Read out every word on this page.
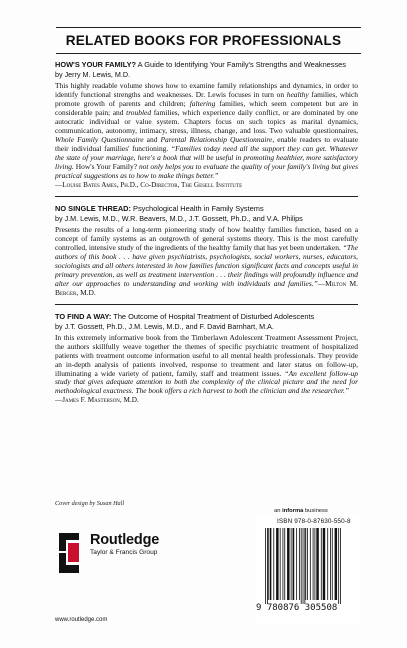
RELATED BOOKS FOR PROFESSIONALS

HOW'S YOUR FAMILY? A Guide to Identifying Your Family's Strengths and Weaknesses

by Jerry M. Lewis, M.D.

This highly readable volume shows how to examine family relationships and dynamics, in order to identify functional strengths and weaknesses. Dr. Lewis focuses in turn on healthy families, which promote growth of parents and children; faltering families, which seem competent but are in considerable pain; and troubled families, which experience daily conflict, or are dominated by one autocratic individual or value system. Chapters focus on such topics as marital dynamics, communication, autonomy, intimacy, stress, illness, change, and loss. Two valuable questionnaires, Whole Family Questionnaire and Parental Relationship Questionnaire, enable readers to evaluate their individual families' functioning. “Families today need all the support they can get. Whatever the state of your marriage, here's a book that will be useful in promoting healthier, more satisfactory living. How's Your Family? not only helps you to evaluate the quality of your family's living but gives practical suggestions as to how to make things better.”

—Louise Bates Ames, Ph.D., Co-Director, The Gesell Institute

NO SINGLE THREAD: Psychological Health in Family Systems

by J.M. Lewis, M.D., W.R. Beavers, M.D., J.T. Gossett, Ph.D., and V.A. Philips

Presents the results of a long-term pioneering study of how healthy families function, based on a concept of family systems as an outgrowth of general systems theory. This is the most carefully controlled, intensive study of the ingredients of the healthy family that has yet been undertaken. “The authors of this book . . . have given psychiatrists, psychologists, social workers, nurses, educators, sociologists and all others interested in how families function significant facts and concepts useful in primary prevention, as well as treatment intervention . . . their findings will profoundly influence and alter our approaches to understanding and working with individuals and families.”—Milton M. Berger, M.D.

TO FIND A WAY: The Outcome of Hospital Treatment of Disturbed Adolescents

by J.T. Gossett, Ph.D., J.M. Lewis, M.D., and F. David Barnhart, M.A.

In this extremely informative book from the Timberlawn Adolescent Treatment Assessment Project, the authors skillfully weave together the themes of specific psychiatric treatment of hospitalized patients with treatment outcome information useful to all mental health professionals. They provide an in-depth analysis of patients involved, response to treatment and later status on follow-up, illuminating a wide variety of patient, family, staff and treatment issues. “An excellent follow-up study that gives adequate attention to both the complexity of the clinical picture and the need for methodological exactness. The book offers a rich harvest to both the clinician and the researcher.”

—James F. Masterson, M.D.

Cover design by Susan Hall
an informa business
Routledge
Taylor & Francis Group
www.routledge.com
ISBN 978-0-87630-550-8
9 780876 305508
